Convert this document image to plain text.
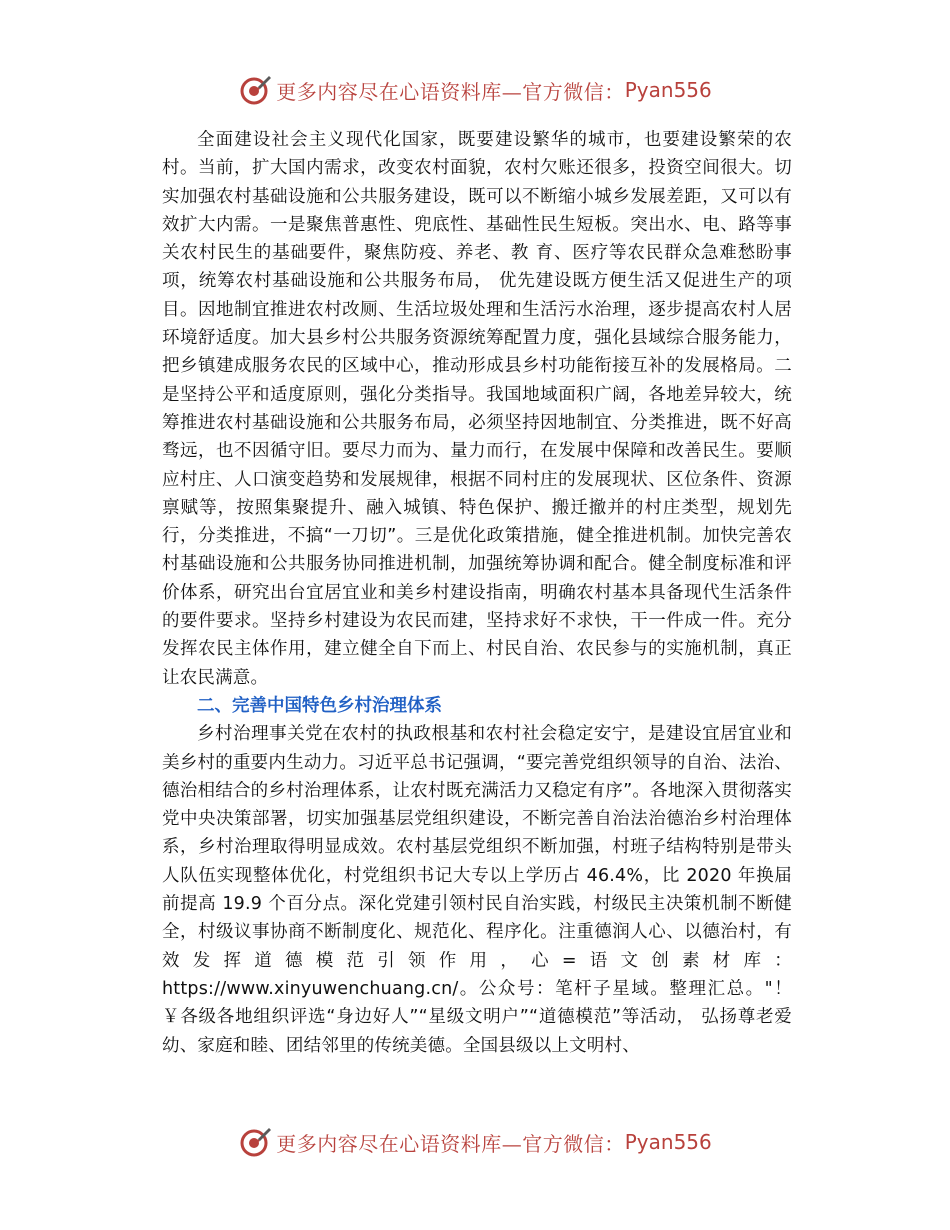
更多内容尽在心语资料库—官方微信： Pyan556

全面建设社会主义现代化国家，既要建设繁华的城市，也要建设繁荣的农村。当前，扩大国内需求，改变农村面貌，农村欠账还很多，投资空间很大。切实加强农村基础设施和公共服务建设，既可以不断缩小城乡发展差距，又可以有效扩大内需。一是聚焦普惠性、兜底性、基础性民生短板。突出水、电、路等事关农村民生的基础要件，聚焦防疫、养老、教 育、医疗等农民群众急难愁盼事项，统筹农村基础设施和公共服务布局， 优先建设既方便生活又促进生产的项目。因地制宜推进农村改厕、生活垃圾处理和生活污水治理，逐步提高农村人居环境舒适度。加大县乡村公共服务资源统筹配置力度，强化县域综合服务能力，把乡镇建成服务农民的区域中心，推动形成县乡村功能衔接互补的发展格局。二是坚持公平和适度原则，强化分类指导。我国地域面积广阔，各地差异较大，统筹推进农村基础设施和公共服务布局，必须坚持因地制宜、分类推进，既不好高骛远，也不因循守旧。要尽力而为、量力而行，在发展中保障和改善民生。要顺应村庄、人口演变趋势和发展规律，根据不同村庄的发展现状、区位条件、资源禀赋等，按照集聚提升、融入城镇、特色保护、搬迁撤并的村庄类型，规划先行，分类推进，不搞“一刀切”。三是优化政策措施，健全推进机制。加快完善农村基础设施和公共服务协同推进机制，加强统筹协调和配合。健全制度标准和评价体系，研究出台宜居宜业和美乡村建设指南，明确农村基本具备现代生活条件的要件要求。坚持乡村建设为农民而建，坚持求好不求快，干一件成一件。充分发挥农民主体作用，建立健全自下而上、村民自治、农民参与的实施机制，真正让农民满意。

二、完善中国特色乡村治理体系

乡村治理事关党在农村的执政根基和农村社会稳定安宁，是建设宜居宜业和美乡村的重要内生动力。习近平总书记强调，“要完善党组织领导的自治、法治、德治相结合的乡村治理体系，让农村既充满活力又稳定有序”。各地深入贯彻落实党中央决策部署，切实加强基层党组织建设，不断完善自治法治德治乡村治理体系，乡村治理取得明显成效。农村基层党组织不断加强，村班子结构特别是带头人队伍实现整体优化，村党组织书记大专以上学历占 46.4%，比 2020 年换届前提高 19.9 个百分点。深化党建引领村民自治实践，村级民主决策机制不断健全，村级议事协商不断制度化、规范化、程序化。注重德润人心、以德治村，有效发挥道德模范引领作用，心=语文创素材库：https://www.xinyuwenchuang.cn/。公众号：笔杆子星域。整理汇总。"！￥各级各地组织评选“身边好人”“星级文明户”“道德模范”等活动， 弘扬尊老爱幼、家庭和睦、团结邻里的传统美德。全国县级以上文明村、

更多内容尽在心语资料库—官方微信： Pyan556
